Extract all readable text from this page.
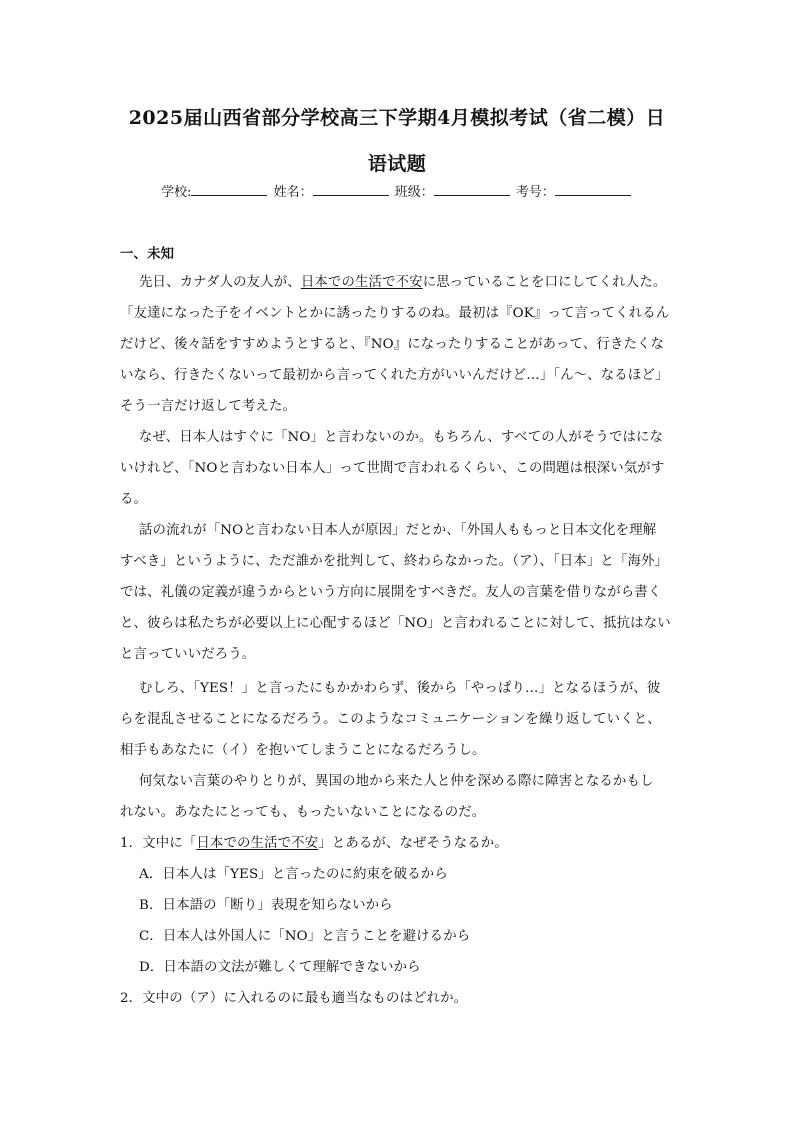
2025届山西省部分学校高三下学期4月模拟考试（省二模）日
语试题
学校:	姓名：	班级：	考号：
一、未知
先日、カナダ人の友人が、日本での生活で不安に思っていることを口にしてくれ人た。
「友達になった子をイベントとかに誘ったりするのね。最初は『OK』って言ってくれるん
だけど、後々話をすすめようとすると、『NO』になったりすることがあって、行きたくな
いなら、行きたくないって最初から言ってくれた方がいいんだけど…」「ん～、なるほど」
そう一言だけ返して考えた。
なぜ、日本人はすぐに「NO」と言わないのか。もちろん、すべての人がそうではにな
いけれど、「NOと言わない日本人」って世間で言われるくらい、この問題は根深い気がす
る。
話の流れが「NOと言わない日本人が原因」だとか、「外国人ももっと日本文化を理解
すべき」というように、ただ誰かを批判して、終わらなかった。（ア）、「日本」と「海外」
では、礼儀の定義が違うからという方向に展開をすべきだ。友人の言葉を借りながら書く
と、彼らは私たちが必要以上に心配するほど「NO」と言われることに対して、抵抗はない
と言っていいだろう。
むしろ、「YES！」と言ったにもかかわらず、後から「やっぱり…」となるほうが、彼
らを混乱させることになるだろう。このようなコミュニケーションを繰り返していくと、
相手もあなたに（イ）を抱いてしまうことになるだろうし。
何気ない言葉のやりとりが、異国の地から来た人と仲を深める際に障害となるかもし
れない。あなたにとっても、もったいないことになるのだ。
1．文中に「日本での生活で不安」とあるが、なぜそうなるか。
A．日本人は「YES」と言ったのに約束を破るから
B．日本語の「断り」表現を知らないから
C．日本人は外国人に「NO」と言うことを避けるから
D．日本語の文法が難しくて理解できないから
2．文中の（ア）に入れるのに最も適当なものはどれか。
